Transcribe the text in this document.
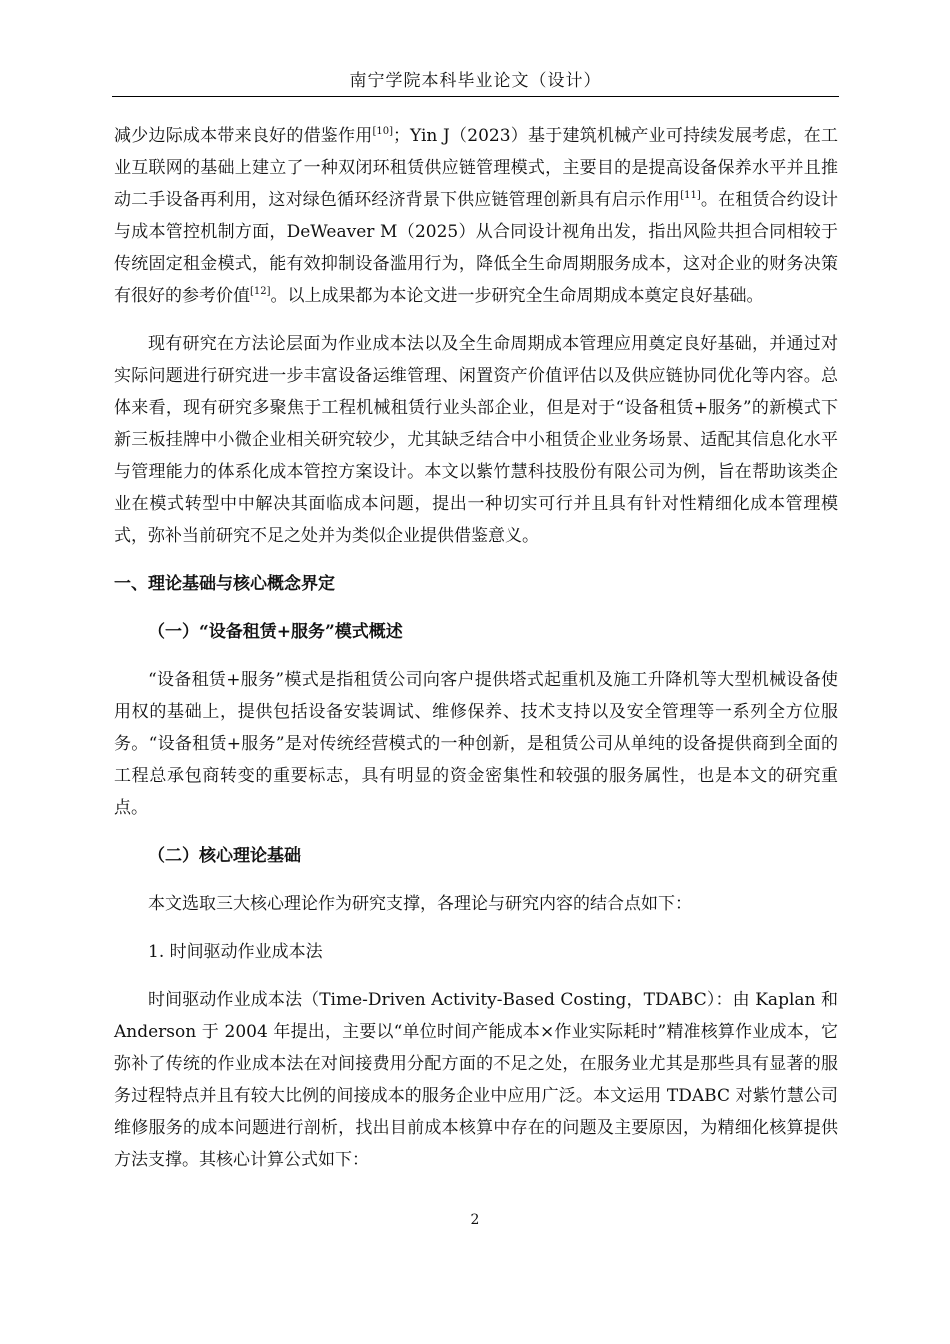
南宁学院本科毕业论文（设计）

减少边际成本带来良好的借鉴作用[10]；Yin J（2023）基于建筑机械产业可持续发展考虑，在工业互联网的基础上建立了一种双闭环租赁供应链管理模式，主要目的是提高设备保养水平并且推动二手设备再利用，这对绿色循环经济背景下供应链管理创新具有启示作用[11]。在租赁合约设计与成本管控机制方面，DeWeaver M（2025）从合同设计视角出发，指出风险共担合同相较于传统固定租金模式，能有效抑制设备滥用行为，降低全生命周期服务成本，这对企业的财务决策有很好的参考价值[12]。以上成果都为本论文进一步研究全生命周期成本奠定良好基础。

现有研究在方法论层面为作业成本法以及全生命周期成本管理应用奠定良好基础，并通过对实际问题进行研究进一步丰富设备运维管理、闲置资产价值评估以及供应链协同优化等内容。总体来看，现有研究多聚焦于工程机械租赁行业头部企业，但是对于“设备租赁+服务”的新模式下新三板挂牌中小微企业相关研究较少，尤其缺乏结合中小租赁企业业务场景、适配其信息化水平与管理能力的体系化成本管控方案设计。本文以紫竹慧科技股份有限公司为例，旨在帮助该类企业在模式转型中中解决其面临成本问题，提出一种切实可行并且具有针对性精细化成本管理模式，弥补当前研究不足之处并为类似企业提供借鉴意义。

一、理论基础与核心概念界定
（一）“设备租赁+服务”模式概述

“设备租赁+服务”模式是指租赁公司向客户提供塔式起重机及施工升降机等大型机械设备使用权的基础上，提供包括设备安装调试、维修保养、技术支持以及安全管理等一系列全方位服务。“设备租赁+服务”是对传统经营模式的一种创新，是租赁公司从单纯的设备提供商到全面的工程总承包商转变的重要标志，具有明显的资金密集性和较强的服务属性，也是本文的研究重点。

（二）核心理论基础

本文选取三大核心理论作为研究支撑，各理论与研究内容的结合点如下：

1. 时间驱动作业成本法

时间驱动作业成本法（Time-Driven Activity-Based Costing，TDABC）：由 Kaplan 和 Anderson 于 2004 年提出，主要以“单位时间产能成本×作业实际耗时”精准核算作业成本，它弥补了传统的作业成本法在对间接费用分配方面的不足之处，在服务业尤其是那些具有显著的服务过程特点并且有较大比例的间接成本的服务企业中应用广泛。本文运用 TDABC 对紫竹慧公司维修服务的成本问题进行剖析，找出目前成本核算中存在的问题及主要原因，为精细化核算提供方法支撑。其核心计算公式如下：

2
